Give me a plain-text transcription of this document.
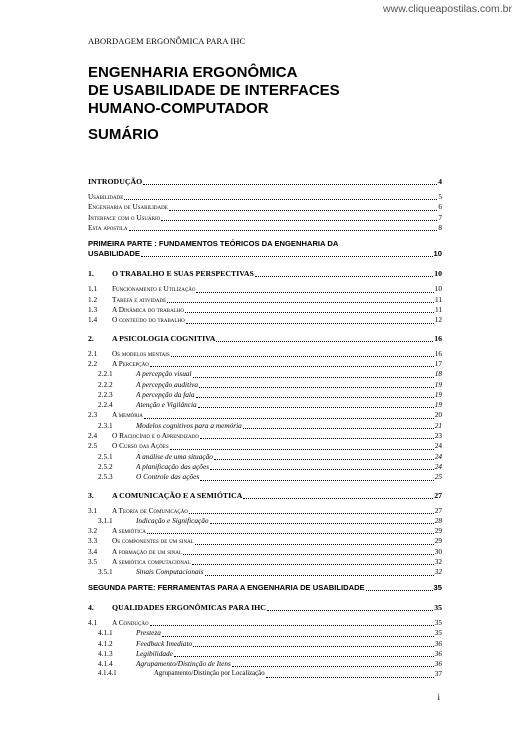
www.cliqueapostilas.com.br
ABORDAGEM ERGONÔMICA PARA IHC
ENGENHARIA ERGONÔMICA
DE USABILIDADE DE INTERFACES
HUMANO-COMPUTADOR
SUMÁRIO
INTRODUÇÃO	4
Usabilidade	5
Engenharia de Usabilidade	6
Interface com o Usuário	7
Esta apostila	8
PRIMEIRA PARTE : FUNDAMENTOS TEÓRICOS DA ENGENHARIA DA
USABILIDADE	10
1.	O TRABALHO E SUAS PERSPECTIVAS	10
1.1	Funcionamento e Utilização	10
1.2	Tarefa e atividade	11
1.3	A Dinâmica do trabalho	11
1.4	O conteúdo do trabalho	12
2.	A PSICOLOGIA COGNITIVA	16
2.1	Os modelos mentais	16
2.2	A Percepção	17
2.2.1	A percepção visual	18
2.2.2	A percepção auditiva	19
2.2.3	A percepção da fala	19
2.2.4	Atenção e Vigilância	19
2.3	A memória	20
2.3.1	Modelos cognitivos para a memória	21
2.4	O Raciocínio e o Aprendizado	23
2.5	O Curso das Ações	24
2.5.1	A análise de uma situação	24
2.5.2	A planificação das ações	24
2.5.3	O Controle das ações	25
3.	A COMUNICAÇÃO E A SEMIÓTICA	27
3.1	A Teoria de Comunicação	27
3.1.1	Indicação e Significação	28
3.2	A semiótica	29
3.3	Os componentes de um sinal	29
3.4	A formação de um sinal	30
3.5	A semiótica computacional	32
3.5.1	Sinais Computacionais	32
SEGUNDA PARTE: FERRAMENTAS PARA A ENGENHARIA DE USABILIDADE	35
4.	QUALIDADES ERGONÔMICAS PARA IHC	35
4.1	A Condução	35
4.1.1	Presteza	35
4.1.2	Feedback Imediato	36
4.1.3	Legibilidade	36
4.1.4	Agrupamento/Distinção de Itens	36
4.1.4.1	Agrupamento/Distinção por Localização	37
i
